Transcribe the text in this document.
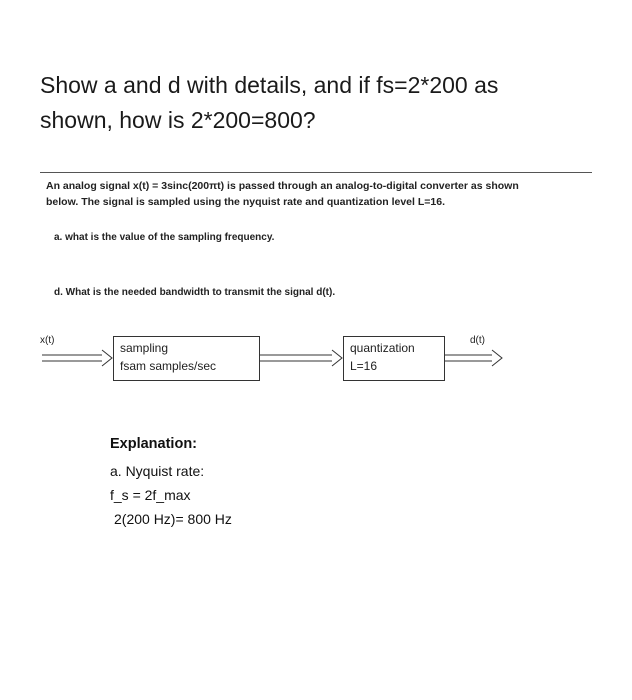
Show a and d with details, and if fs=2*200 as
shown, how is 2*200=800?
An analog signal x(t) = 3sinc(200πt) is passed through an analog-to-digital converter as shown
below. The signal is sampled using the nyquist rate and quantization level L=16.
a. what is the value of the sampling frequency.
d. What is the needed bandwidth to transmit the signal d(t).
x(t)	d(t)
sampling
fsam samples/sec
quantization
L=16
Explanation:
a. Nyquist rate:
f_s = 2f_max
2(200 Hz)= 800 Hz
